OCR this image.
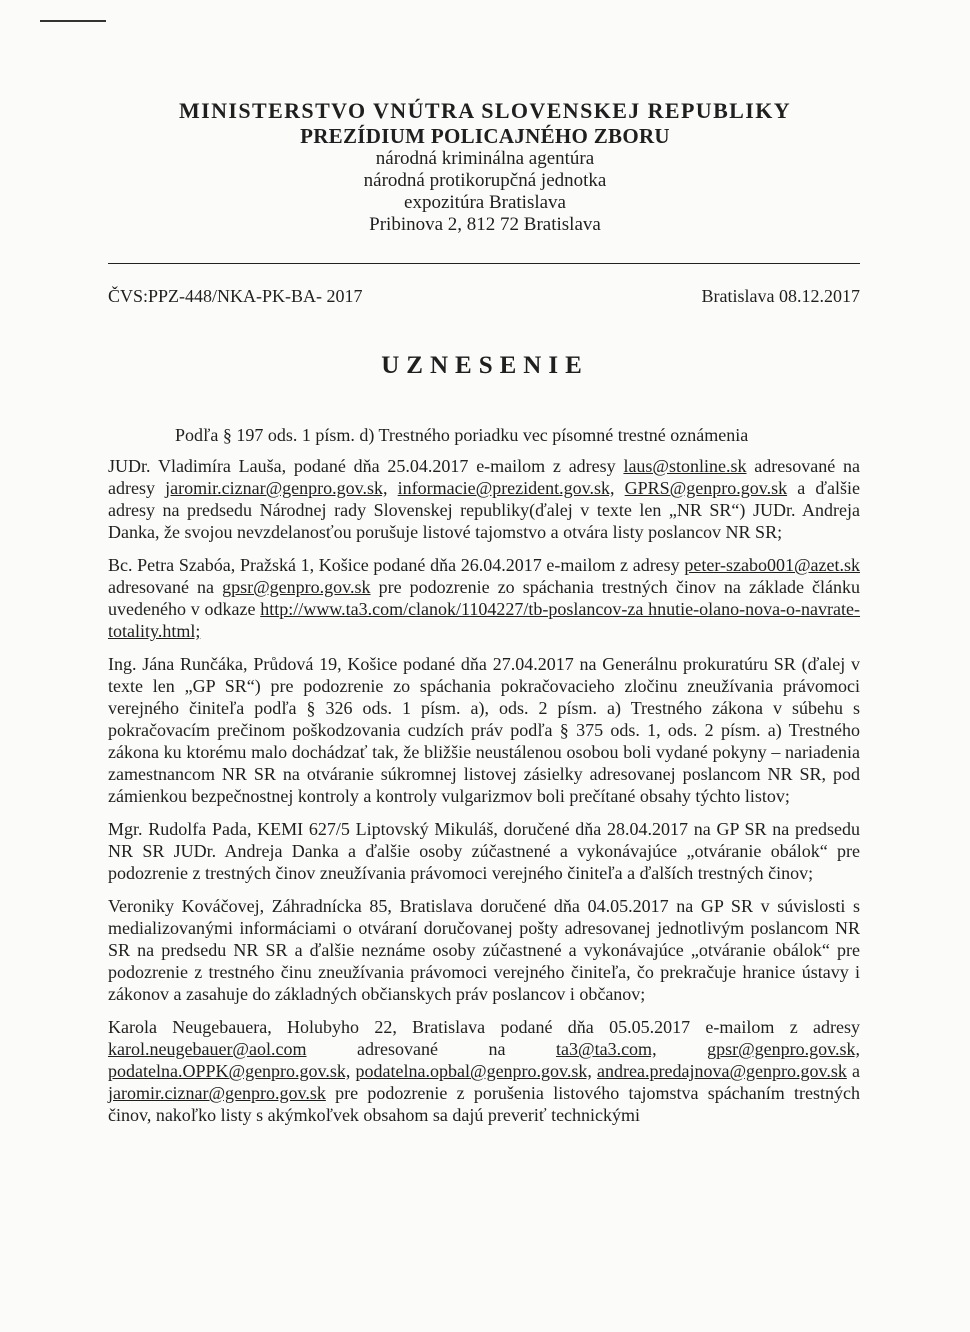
MINISTERSTVO VNÚTRA SLOVENSKEJ REPUBLIKY
PREZÍDIUM POLICAJNÉHO ZBORU
národná kriminálna agentúra
národná protikorupčná jednotka
expozitúra Bratislava
Pribinova 2, 812 72 Bratislava
ČVS:PPZ-448/NKA-PK-BA- 2017	Bratislava 08.12.2017
UZNESENIE
Podľa § 197 ods. 1 písm. d) Trestného poriadku vec písomné trestné oznámenia

JUDr. Vladimíra Lauša, podané dňa 25.04.2017 e-mailom z adresy laus@stonline.sk adresované na adresy jaromir.ciznar@genpro.gov.sk, informacie@prezident.gov.sk, GPRS@genpro.gov.sk a ďalšie adresy na predsedu Národnej rady Slovenskej republiky(ďalej v texte len „NR SR“) JUDr. Andreja Danka, že svojou nevzdelanosťou porušuje listové tajomstvo a otvára listy poslancov NR SR;

Bc. Petra Szabóa, Pražská 1, Košice podané dňa 26.04.2017 e-mailom z adresy peter-szabo001@azet.sk adresované na gpsr@genpro.gov.sk pre podozrenie zo spáchania trestných činov na základe článku uvedeného v odkaze http://www.ta3.com/clanok/1104227/tb-poslancov-za hnutie-olano-nova-o-navrate-totality.html;

Ing. Jána Runčáka, Průdová 19, Košice podané dňa 27.04.2017 na Generálnu prokuratúru SR (ďalej v texte len „GP SR“) pre podozrenie zo spáchania pokračovacieho zločinu zneužívania právomoci verejného činiteľa podľa § 326 ods. 1 písm. a), ods. 2 písm. a) Trestného zákona v súbehu s pokračovacím prečinom poškodzovania cudzích práv podľa § 375 ods. 1, ods. 2 písm. a) Trestného zákona ku ktorému malo dochádzať tak, že bližšie neustálenou osobou boli vydané pokyny – nariadenia zamestnancom NR SR na otváranie súkromnej listovej zásielky adresovanej poslancom NR SR, pod zámienkou bezpečnostnej kontroly a kontroly vulgarizmov boli prečítané obsahy týchto listov;

Mgr. Rudolfa Pada, KEMI 627/5 Liptovský Mikuláš, doručené dňa 28.04.2017 na GP SR na predsedu NR SR JUDr. Andreja Danka a ďalšie osoby zúčastnené a vykonávajúce „otváranie obálok“ pre podozrenie z trestných činov zneužívania právomoci verejného činiteľa a ďalších trestných činov;

Veroniky Kováčovej, Záhradnícka 85, Bratislava doručené dňa 04.05.2017 na GP SR v súvislosti s medializovanými informáciami o otváraní doručovanej pošty adresovanej jednotlivým poslancom NR SR na predsedu NR SR a ďalšie neznáme osoby zúčastnené a vykonávajúce „otváranie obálok“ pre podozrenie z trestného činu zneužívania právomoci verejného činiteľa, čo prekračuje hranice ústavy i zákonov a zasahuje do základných občianskych práv poslancov i občanov;

Karola Neugebauera, Holubyho 22, Bratislava podané dňa 05.05.2017 e-mailom z adresy karol.neugebauer@aol.com adresované na ta3@ta3.com,	gpsr@genpro.gov.sk, podatelna.OPPK@genpro.gov.sk, podatelna.opbal@genpro.gov.sk, andrea.predajnova@genpro.gov.sk a jaromir.ciznar@genpro.gov.sk pre podozrenie z porušenia listového tajomstva spáchaním trestných činov, nakoľko listy s akýmkoľvek obsahom sa dajú preveriť technickými
